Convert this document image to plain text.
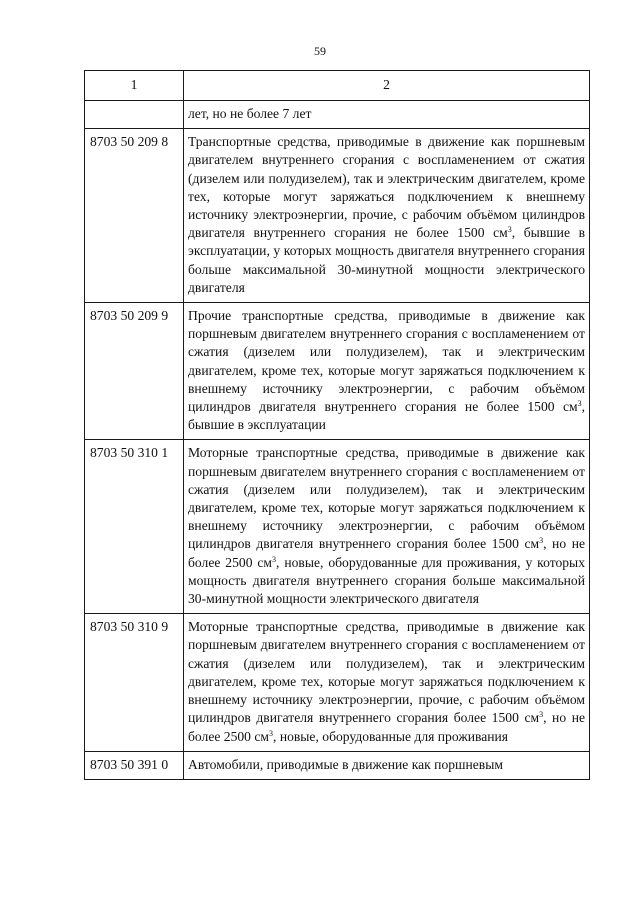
59
1	2
	лет, но не более 7 лет
8703 50 209 8	Транспортные средства, приводимые в движение как поршневым двигателем внутреннего сгорания с воспламенением от сжатия (дизелем или полудизелем), так и электрическим двигателем, кроме тех, которые могут заряжаться подключением к внешнему источнику электроэнергии, прочие, с рабочим объёмом цилиндров двигателя внутреннего сгорания не более 1500 $см^3$, бывшие в эксплуатации, у которых мощность двигателя внутреннего сгорания больше максимальной 30-минутной мощности электрического двигателя
8703 50 209 9	Прочие транспортные средства, приводимые в движение как поршневым двигателем внутреннего сгорания с воспламенением от сжатия (дизелем или полудизелем), так и электрическим двигателем, кроме тех, которые могут заряжаться подключением к внешнему источнику электроэнергии, с рабочим объёмом цилиндров двигателя внутреннего сгорания не более 1500 $см^3$, бывшие в эксплуатации
8703 50 310 1	Моторные транспортные средства, приводимые в движение как поршневым двигателем внутреннего сгорания с воспламенением от сжатия (дизелем или полудизелем), так и электрическим двигателем, кроме тех, которые могут заряжаться подключением к внешнему источнику электроэнергии, с рабочим объёмом цилиндров двигателя внутреннего сгорания более 1500 $см^3$, но не более 2500 $см^3$, новые, оборудованные для проживания, у которых мощность двигателя внутреннего сгорания больше максимальной 30-минутной мощности электрического двигателя
8703 50 310 9	Моторные транспортные средства, приводимые в движение как поршневым двигателем внутреннего сгорания с воспламенением от сжатия (дизелем или полудизелем), так и электрическим двигателем, кроме тех, которые могут заряжаться подключением к внешнему источнику электроэнергии, прочие, с рабочим объёмом цилиндров двигателя внутреннего сгорания более 1500 $см^3$, но не более 2500 $см^3$, новые, оборудованные для проживания
8703 50 391 0	Автомобили, приводимые в движение как поршневым
